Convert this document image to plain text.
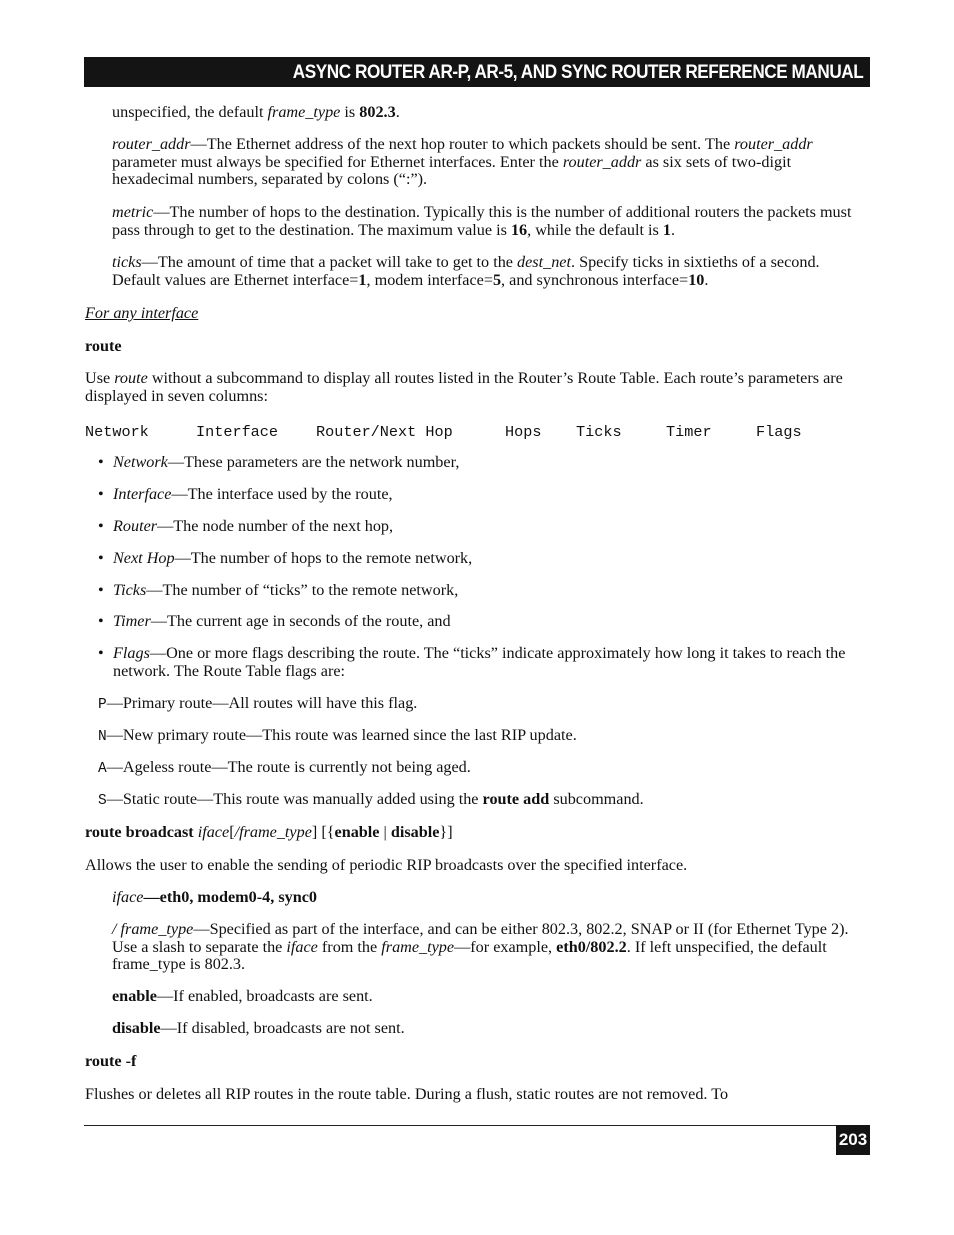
ASYNC ROUTER AR-P, AR-5, AND SYNC ROUTER REFERENCE MANUAL

unspecified, the default frame_type is 802.3.

router_addr—The Ethernet address of the next hop router to which packets should be sent. The router_addr parameter must always be specified for Ethernet interfaces. Enter the router_addr as six sets of two-digit hexadecimal numbers, separated by colons (“:”).

metric—The number of hops to the destination. Typically this is the number of additional routers the packets must pass through to get to the destination. The maximum value is 16, while the default is 1.

ticks—The amount of time that a packet will take to get to the dest_net. Specify ticks in sixtieths of a second. Default values are Ethernet interface=1, modem interface=5, and synchronous interface=10.

For any interface

route

Use route without a subcommand to display all routes listed in the Router’s Route Table. Each route’s parameters are displayed in seven columns:

Network	Interface Router/Next Hop	Hops Ticks	Timer	Flags
• Network—These parameters are the network number,
• Interface—The interface used by the route,
• Router—The node number of the next hop,
• Next Hop—The number of hops to the remote network,
• Ticks—The number of “ticks” to the remote network,
• Timer—The current age in seconds of the route, and
• Flags—One or more flags describing the route. The “ticks” indicate approximately how long it takes to reach the network. The Route Table flags are:

P—Primary route—All routes will have this flag.

N—New primary route—This route was learned since the last RIP update.

A—Ageless route—The route is currently not being aged.

S—Static route—This route was manually added using the route add subcommand.

route broadcast iface[/frame_type] [{enable | disable}]

Allows the user to enable the sending of periodic RIP broadcasts over the specified interface.

iface—eth0, modem0-4, sync0

/ frame_type—Specified as part of the interface, and can be either 802.3, 802.2, SNAP or II (for Ethernet Type 2). Use a slash to separate the iface from the frame_type—for example, eth0/802.2. If left unspecified, the default frame_type is 802.3.

enable—If enabled, broadcasts are sent.

disable—If disabled, broadcasts are not sent.

route -f

Flushes or deletes all RIP routes in the route table. During a flush, static routes are not removed. To

203
